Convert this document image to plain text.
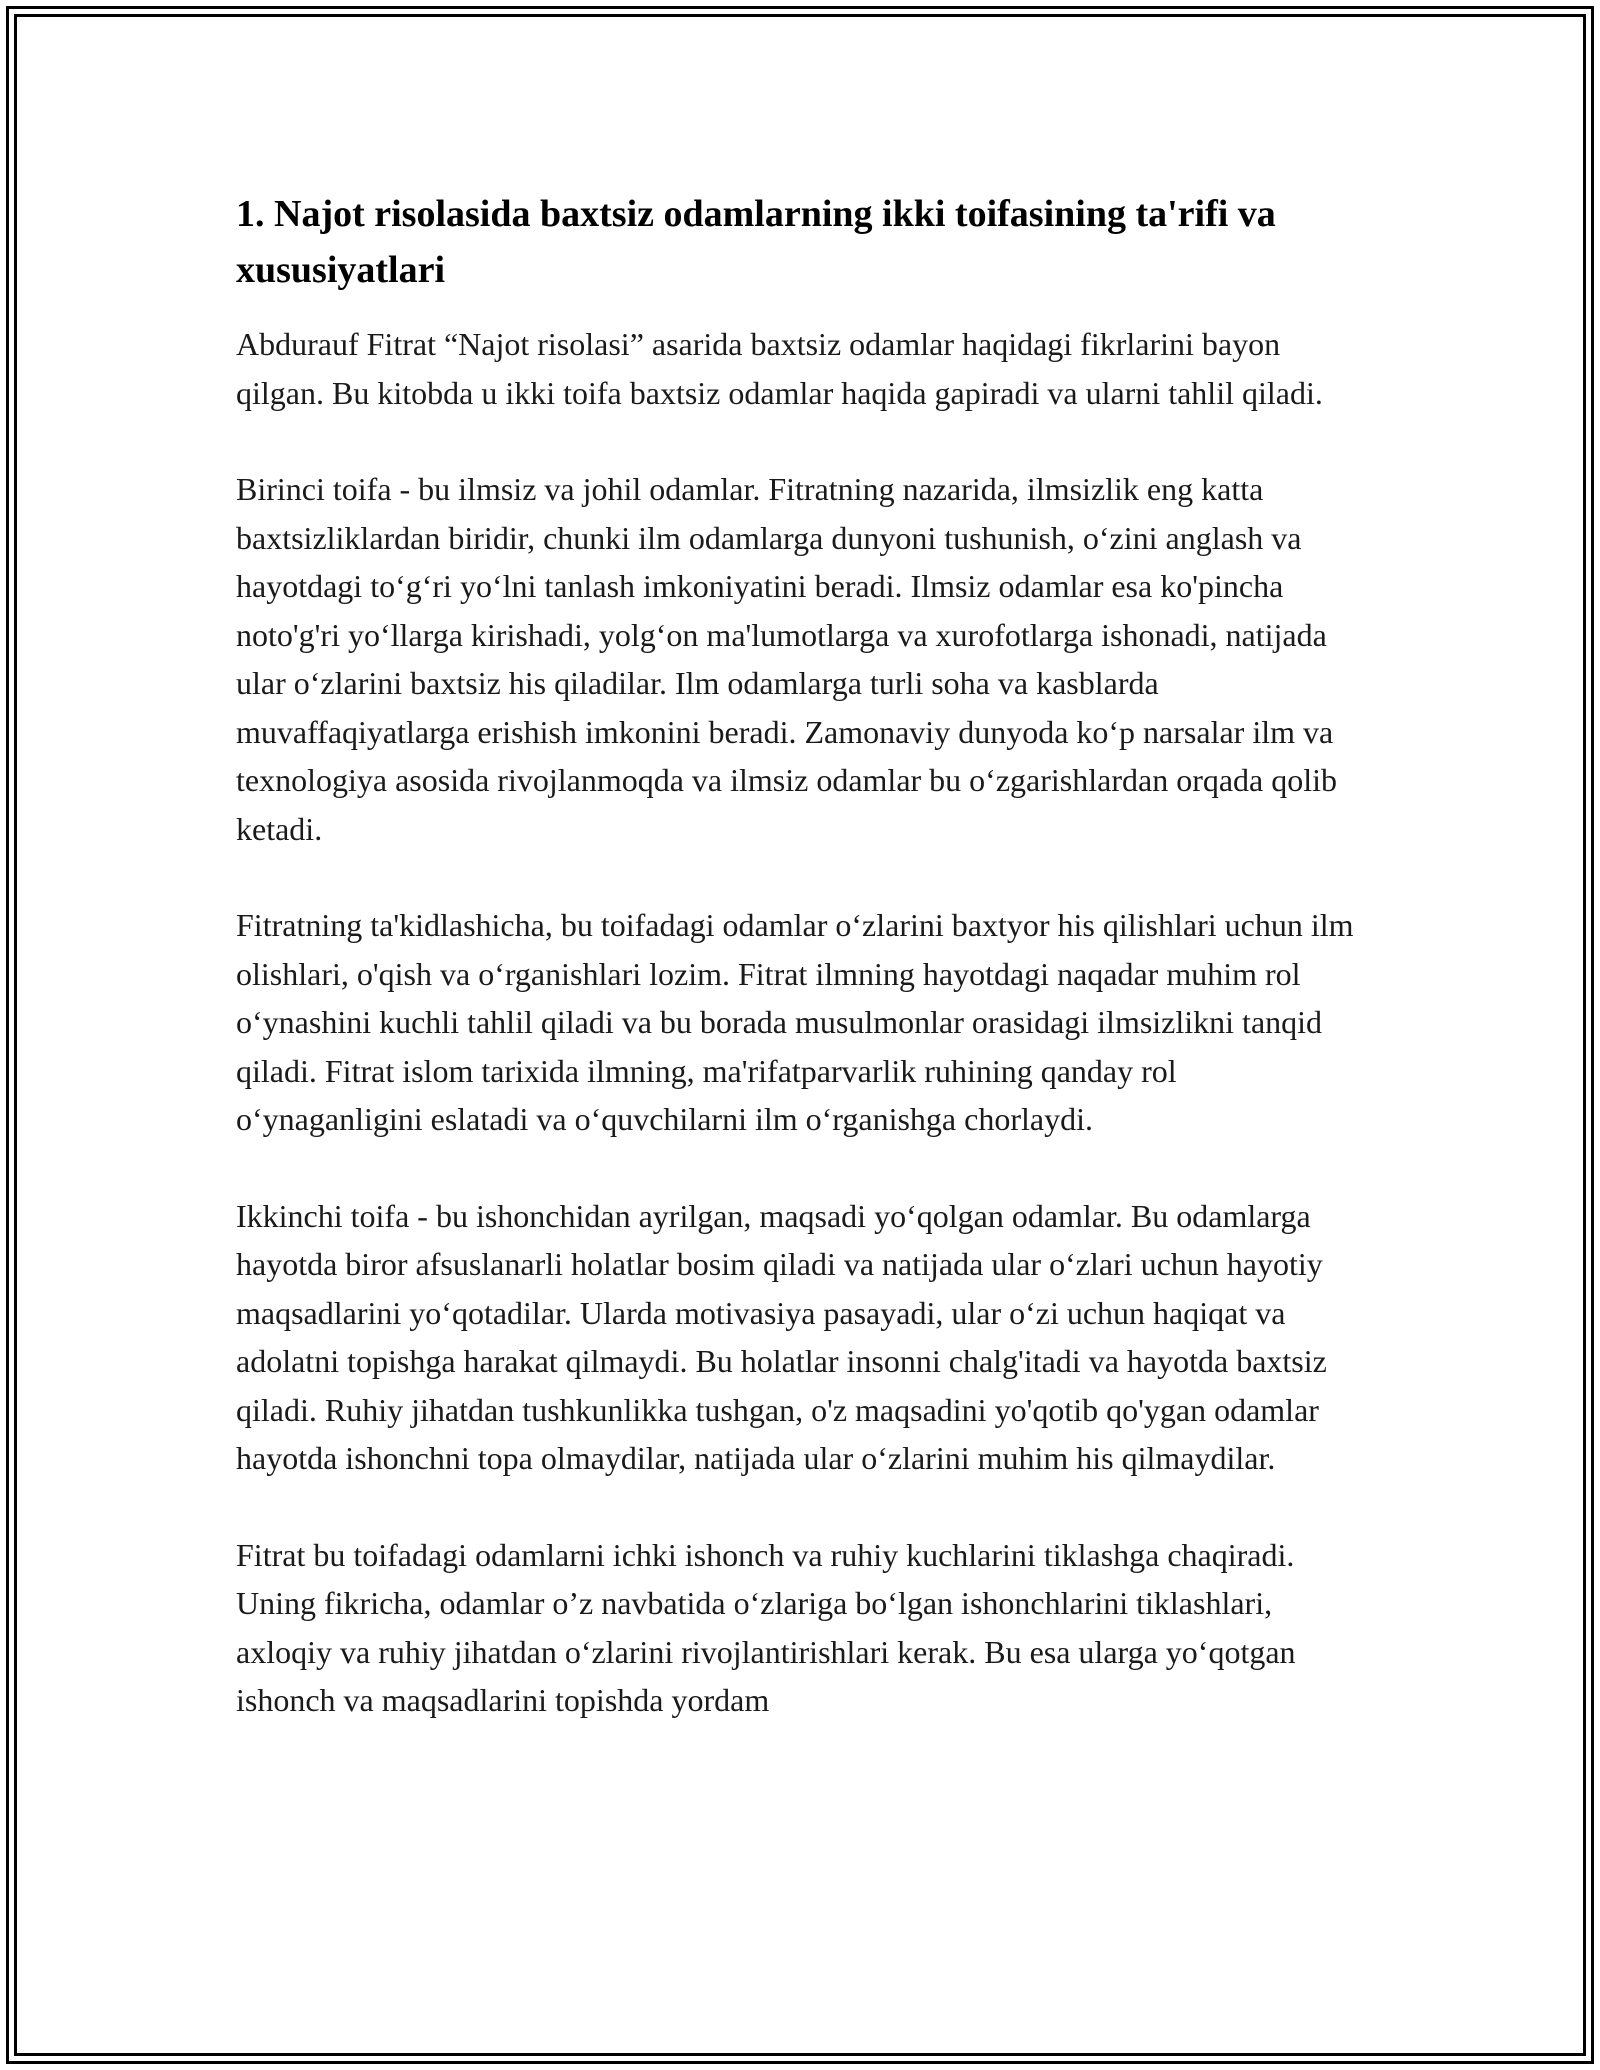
1. Najot risolasida baxtsiz odamlarning ikki toifasining ta'rifi va xususiyatlari

Abdurauf Fitrat “Najot risolasi” asarida baxtsiz odamlar haqidagi fikrlarini bayon qilgan. Bu kitobda u ikki toifa baxtsiz odamlar haqida gapiradi va ularni tahlil qiladi.

Birinci toifa - bu ilmsiz va johil odamlar. Fitratning nazarida, ilmsizlik eng katta baxtsizliklardan biridir, chunki ilm odamlarga dunyoni tushunish, o‘zini anglash va hayotdagi to‘g‘ri yo‘lni tanlash imkoniyatini beradi. Ilmsiz odamlar esa ko'pincha noto'g'ri yo‘llarga kirishadi, yolg‘on ma'lumotlarga va xurofotlarga ishonadi, natijada ular o‘zlarini baxtsiz his qiladilar. Ilm odamlarga turli soha va kasblarda muvaffaqiyatlarga erishish imkonini beradi. Zamonaviy dunyoda ko‘p narsalar ilm va texnologiya asosida rivojlanmoqda va ilmsiz odamlar bu o‘zgarishlardan orqada qolib ketadi.

Fitratning ta'kidlashicha, bu toifadagi odamlar o‘zlarini baxtyor his qilishlari uchun ilm olishlari, o'qish va o‘rganishlari lozim. Fitrat ilmning hayotdagi naqadar muhim rol o‘ynashini kuchli tahlil qiladi va bu borada musulmonlar orasidagi ilmsizlikni tanqid qiladi. Fitrat islom tarixida ilmning, ma'rifatparvarlik ruhining qanday rol o‘ynaganligini eslatadi va o‘quvchilarni ilm o‘rganishga chorlaydi.

Ikkinchi toifa - bu ishonchidan ayrilgan, maqsadi yo‘qolgan odamlar. Bu odamlarga hayotda biror afsuslanarli holatlar bosim qiladi va natijada ular o‘zlari uchun hayotiy maqsadlarini yo‘qotadilar. Ularda motivasiya pasayadi, ular o‘zi uchun haqiqat va adolatni topishga harakat qilmaydi. Bu holatlar insonni chalg'itadi va hayotda baxtsiz qiladi. Ruhiy jihatdan tushkunlikka tushgan, o'z maqsadini yo'qotib qo'ygan odamlar hayotda ishonchni topa olmaydilar, natijada ular o‘zlarini muhim his qilmaydilar.

Fitrat bu toifadagi odamlarni ichki ishonch va ruhiy kuchlarini tiklashga chaqiradi. Uning fikricha, odamlar o’z navbatida o‘zlariga bo‘lgan ishonchlarini tiklashlari, axloqiy va ruhiy jihatdan o‘zlarini rivojlantirishlari kerak. Bu esa ularga yo‘qotgan ishonch va maqsadlarini topishda yordam
